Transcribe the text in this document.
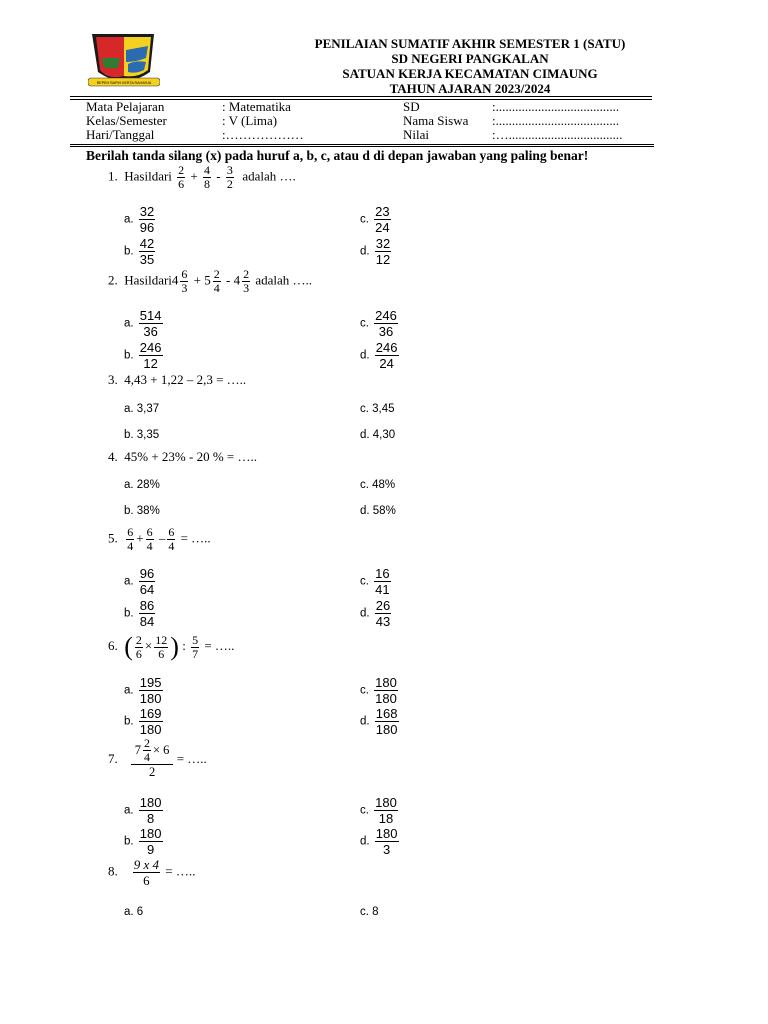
REPEH RAPIH KERTA RAHARJA
PENILAIAN SUMATIF AKHIR SEMESTER 1 (SATU)
SD NEGERI PANGKALAN
SATUAN KERJA KECAMATAN CIMAUNG
TAHUN AJARAN 2023/2024
Mata Pelajaran
Kelas/Semester
Hari/Tanggal
: Matematika
: V (Lima)
:………………
SD
Nama Siswa
Nilai
:......................................
:......................................
:…...................................
Berilah tanda silang (x) pada huruf a, b, c, atau d di depan jawaban yang paling benar!
1. Hasildari $\frac{2}{6} + \frac{4}{8} - \frac{3}{2}$ adalah ….
a. $\frac{32}{96}$
b. $\frac{42}{35}$
c. $\frac{23}{24}$
d. $\frac{32}{12}$
2. Hasildari4 $\frac{6}{3} + 5 \frac{2}{4} - 4 \frac{2}{3}$ adalah …..
a. $\frac{514}{36}$
b. $\frac{246}{12}$
c. $\frac{246}{36}$
d. $\frac{246}{24}$
3. 4,43 + 1,22 – 2,3 = …..
a. 3,37
b. 3,35
c. 3,45
d. 4,30
4. 45% + 23% - 20 % = …..
a. 28%
b. 38%
c. 48%
d. 58%
5. $\frac{6}{4} + \frac{6}{4} - \frac{6}{4}$ = …..
a. $\frac{96}{64}$
b. $\frac{86}{84}$
c. $\frac{16}{41}$
d. $\frac{26}{43}$
6. ( $\frac{2}{6} \times \frac{12}{6}$ ) : $\frac{5}{7}$ = …..
a. $\frac{195}{180}$
b. $\frac{169}{180}$
c. $\frac{180}{180}$
d. $\frac{168}{180}$
7.
$\frac{7 \frac{2}{4} \times 6}{2}$
= …..
a. $\frac{180}{8}$
b. $\frac{180}{9}$
c. $\frac{180}{18}$
d. $\frac{180}{3}$
8. $\frac{9 x 4}{6}$ = …..
a. 6	c. 8
